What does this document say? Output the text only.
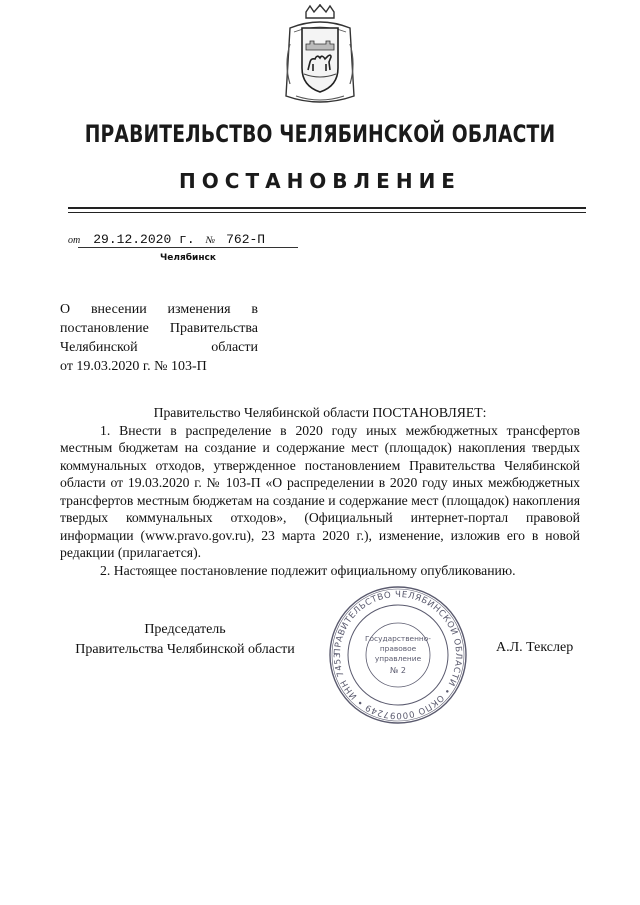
ПРАВИТЕЛЬСТВО ЧЕЛЯБИНСКОЙ ОБЛАСТИ
ПОСТАНОВЛЕНИЕ
от 29.12.2020 г. № 762-П
Челябинск
О внесении изменения в
постановление Правительства
Челябинской области
от 19.03.2020 г. № 103-П

Правительство Челябинской области ПОСТАНОВЛЯЕТ:

1. Внести в распределение в 2020 году иных межбюджетных трансфертов местным бюджетам на создание и содержание мест (площадок) накопления твердых коммунальных отходов, утвержденное постановлением Правительства Челябинской области от 19.03.2020 г. № 103-П «О распределении в 2020 году иных межбюджетных трансфертов местным бюджетам на создание и содержание мест (площадок) накопления твердых коммунальных отходов», (Официальный интернет-портал правовой информации (www.pravo.gov.ru), 23 марта 2020 г.), изменение, изложив его в новой редакции (прилагается).

2. Настоящее постановление подлежит официальному опубликованию.

Председатель
Правительства Челябинской области	А.Л. Текслер
ПРАВИТЕЛЬСТВО ЧЕЛЯБИНСКОЙ ОБЛАСТИ • ОКПО 00097249 • ИНН 7453
Государственно-
правовое
управление
№ 2
